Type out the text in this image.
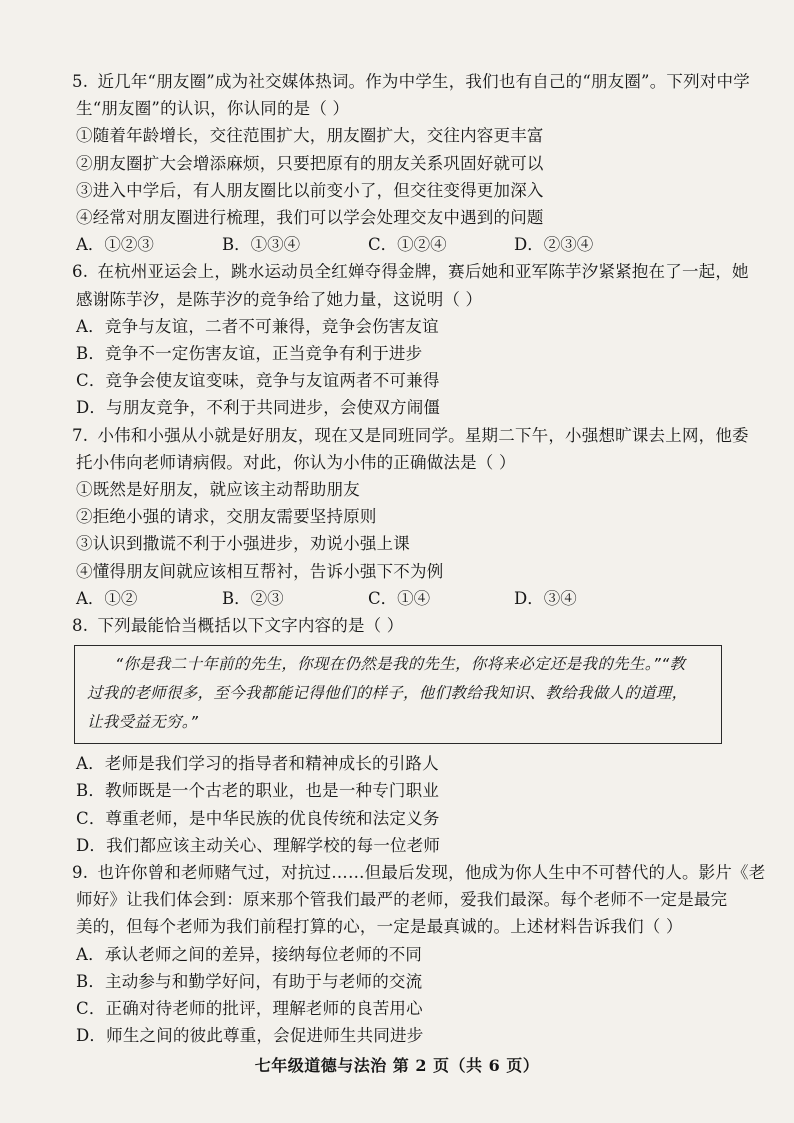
5. 近几年“朋友圈”成为社交媒体热词。作为中学生，我们也有自己的“朋友圈”。下列对中学
生“朋友圈”的认识，你认同的是（ ）
①随着年龄增长，交往范围扩大，朋友圈扩大，交往内容更丰富
②朋友圈扩大会增添麻烦，只要把原有的朋友关系巩固好就可以
③进入中学后，有人朋友圈比以前变小了，但交往变得更加深入
④经常对朋友圈进行梳理，我们可以学会处理交友中遇到的问题
A．①②③	B．①③④	C．①②④	D．②③④
6. 在杭州亚运会上，跳水运动员全红婵夺得金牌，赛后她和亚军陈芋汐紧紧抱在了一起，她
感谢陈芋汐，是陈芋汐的竞争给了她力量，这说明（ ）
A．竞争与友谊，二者不可兼得，竞争会伤害友谊
B．竞争不一定伤害友谊，正当竞争有利于进步
C．竞争会使友谊变味，竞争与友谊两者不可兼得
D．与朋友竞争，不利于共同进步，会使双方闹僵
7. 小伟和小强从小就是好朋友，现在又是同班同学。星期二下午，小强想旷课去上网，他委
托小伟向老师请病假。对此，你认为小伟的正确做法是（ ）
①既然是好朋友，就应该主动帮助朋友
②拒绝小强的请求，交朋友需要坚持原则
③认识到撒谎不利于小强进步，劝说小强上课
④懂得朋友间就应该相互帮衬，告诉小强下不为例
A．①②	B．②③	C．①④	D．③④
8. 下列最能恰当概括以下文字内容的是（ ）
“你是我二十年前的先生，你现在仍然是我的先生，你将来必定还是我的先生。”“教
过我的老师很多，至今我都能记得他们的样子，他们教给我知识、教给我做人的道理，
让我受益无穷。”
A．老师是我们学习的指导者和精神成长的引路人
B．教师既是一个古老的职业，也是一种专门职业
C．尊重老师，是中华民族的优良传统和法定义务
D．我们都应该主动关心、理解学校的每一位老师
9. 也许你曾和老师赌气过，对抗过……但最后发现，他成为你人生中不可替代的人。影片《老
师好》让我们体会到：原来那个管我们最严的老师，爱我们最深。每个老师不一定是最完
美的，但每个老师为我们前程打算的心，一定是最真诚的。上述材料告诉我们（ ）
A．承认老师之间的差异，接纳每位老师的不同
B．主动参与和勤学好问，有助于与老师的交流
C．正确对待老师的批评，理解老师的良苦用心
D．师生之间的彼此尊重，会促进师生共同进步
七年级道德与法治 第 2 页（共 6 页）
